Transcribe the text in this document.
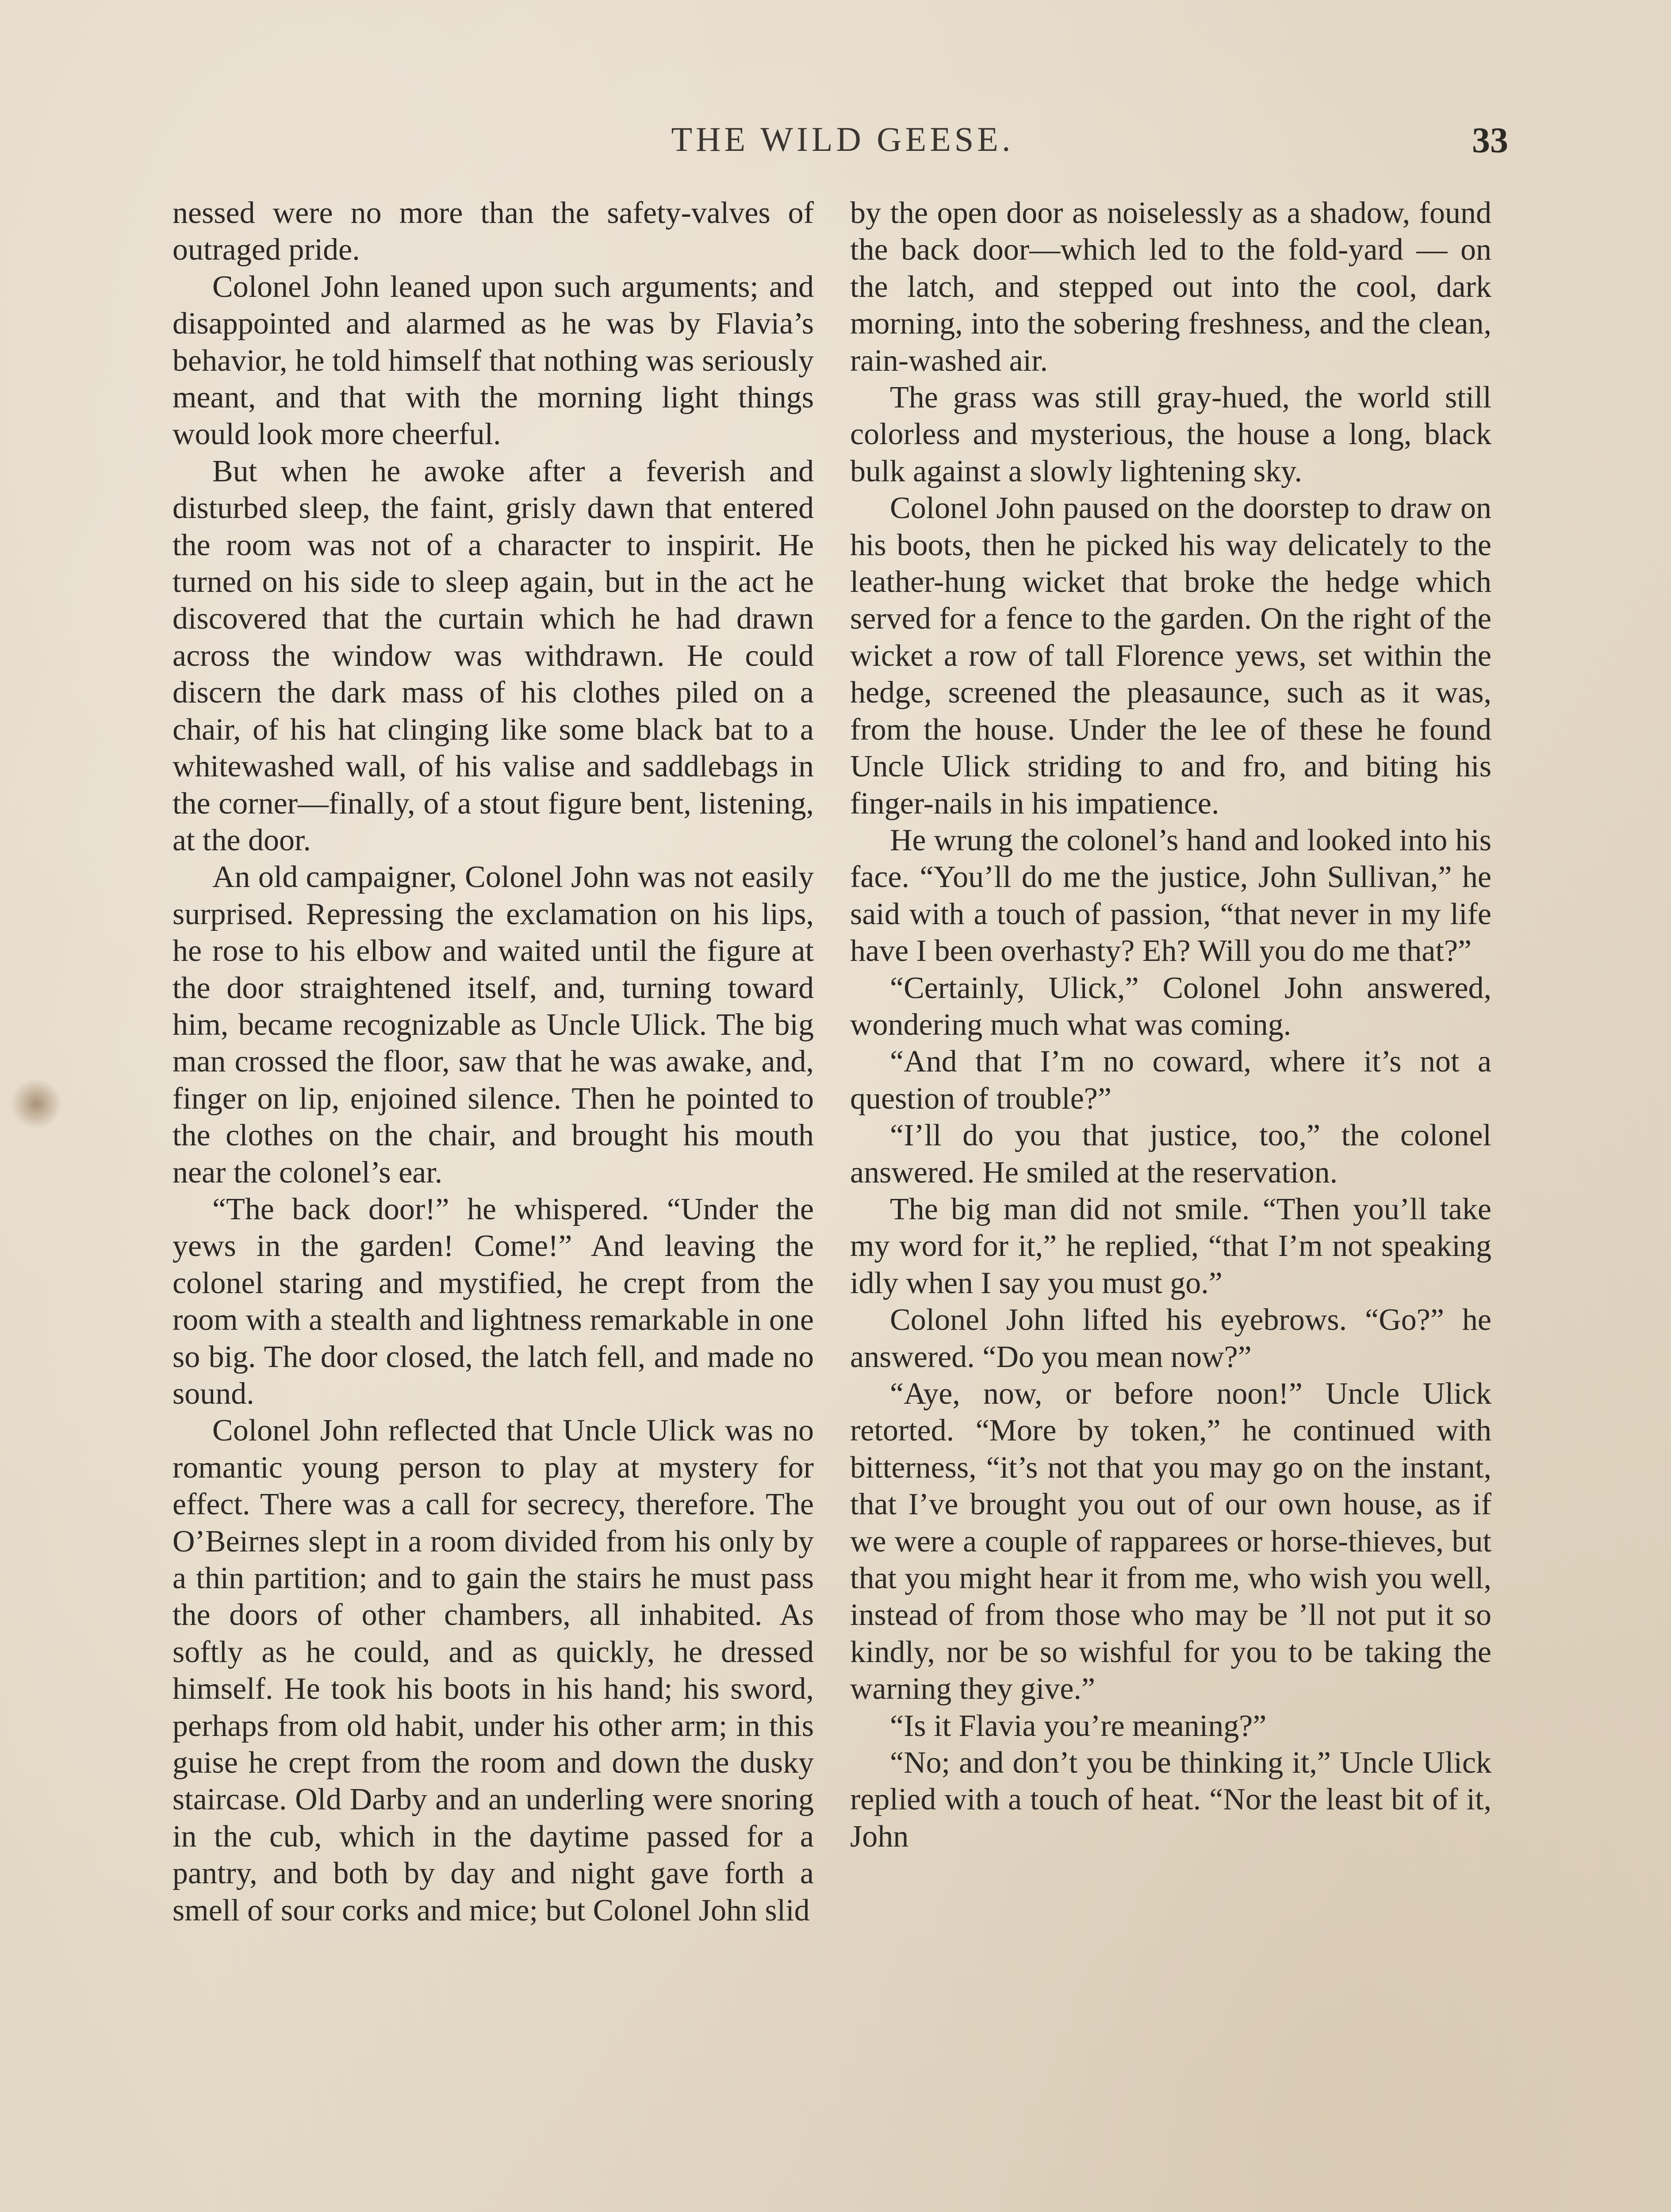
THE WILD GEESE.	33

nessed were no more than the safety-valves of outraged pride.

Colonel John leaned upon such arguments; and disappointed and alarmed as he was by Flavia’s behavior, he told himself that nothing was seriously meant, and that with the morning light things would look more cheerful.

But when he awoke after a feverish and disturbed sleep, the faint, grisly dawn that entered the room was not of a character to inspirit. He turned on his side to sleep again, but in the act he discovered that the curtain which he had drawn across the window was withdrawn. He could discern the dark mass of his clothes piled on a chair, of his hat clinging like some black bat to a whitewashed wall, of his valise and saddlebags in the corner—finally, of a stout figure bent, listening, at the door.

An old campaigner, Colonel John was not easily surprised. Repressing the exclamation on his lips, he rose to his elbow and waited until the figure at the door straightened itself, and, turning toward him, became recognizable as Uncle Ulick. The big man crossed the floor, saw that he was awake, and, finger on lip, enjoined silence. Then he pointed to the clothes on the chair, and brought his mouth near the colonel’s ear.

“The back door!” he whispered. “Under the yews in the garden! Come!” And leaving the colonel staring and mystified, he crept from the room with a stealth and lightness remarkable in one so big. The door closed, the latch fell, and made no sound.

Colonel John reflected that Uncle Ulick was no romantic young person to play at mystery for effect. There was a call for secrecy, therefore. The O’Beirnes slept in a room divided from his only by a thin partition; and to gain the stairs he must pass the doors of other chambers, all inhabited. As softly as he could, and as quickly, he dressed himself. He took his boots in his hand; his sword, perhaps from old habit, under his other arm; in this guise he crept from the room and down the dusky staircase. Old Darby and an underling were snoring in the cub, which in the daytime passed for a pantry, and both by day and night gave forth a smell of sour corks and mice; but Colonel John slid

by the open door as noiselessly as a shadow, found the back door—which led to the fold-yard — on the latch, and stepped out into the cool, dark morning, into the sobering freshness, and the clean, rain-washed air.

The grass was still gray-hued, the world still colorless and mysterious, the house a long, black bulk against a slowly lightening sky.

Colonel John paused on the doorstep to draw on his boots, then he picked his way delicately to the leather-hung wicket that broke the hedge which served for a fence to the garden. On the right of the wicket a row of tall Florence yews, set within the hedge, screened the pleasaunce, such as it was, from the house. Under the lee of these he found Uncle Ulick striding to and fro, and biting his finger-nails in his impatience.

He wrung the colonel’s hand and looked into his face. “You’ll do me the justice, John Sullivan,” he said with a touch of passion, “that never in my life have I been overhasty? Eh? Will you do me that?”

“Certainly, Ulick,” Colonel John answered, wondering much what was coming.

“And that I’m no coward, where it’s not a question of trouble?”

“I’ll do you that justice, too,” the colonel answered. He smiled at the reservation.

The big man did not smile. “Then you’ll take my word for it,” he replied, “that I’m not speaking idly when I say you must go.”

Colonel John lifted his eyebrows. “Go?” he answered. “Do you mean now?”

“Aye, now, or before noon!” Uncle Ulick retorted. “More by token,” he continued with bitterness, “it’s not that you may go on the instant, that I’ve brought you out of our own house, as if we were a couple of rapparees or horse-thieves, but that you might hear it from me, who wish you well, instead of from those who may be ’ll not put it so kindly, nor be so wishful for you to be taking the warning they give.”

“Is it Flavia you’re meaning?”

“No; and don’t you be thinking it,” Uncle Ulick replied with a touch of heat. “Nor the least bit of it, John
